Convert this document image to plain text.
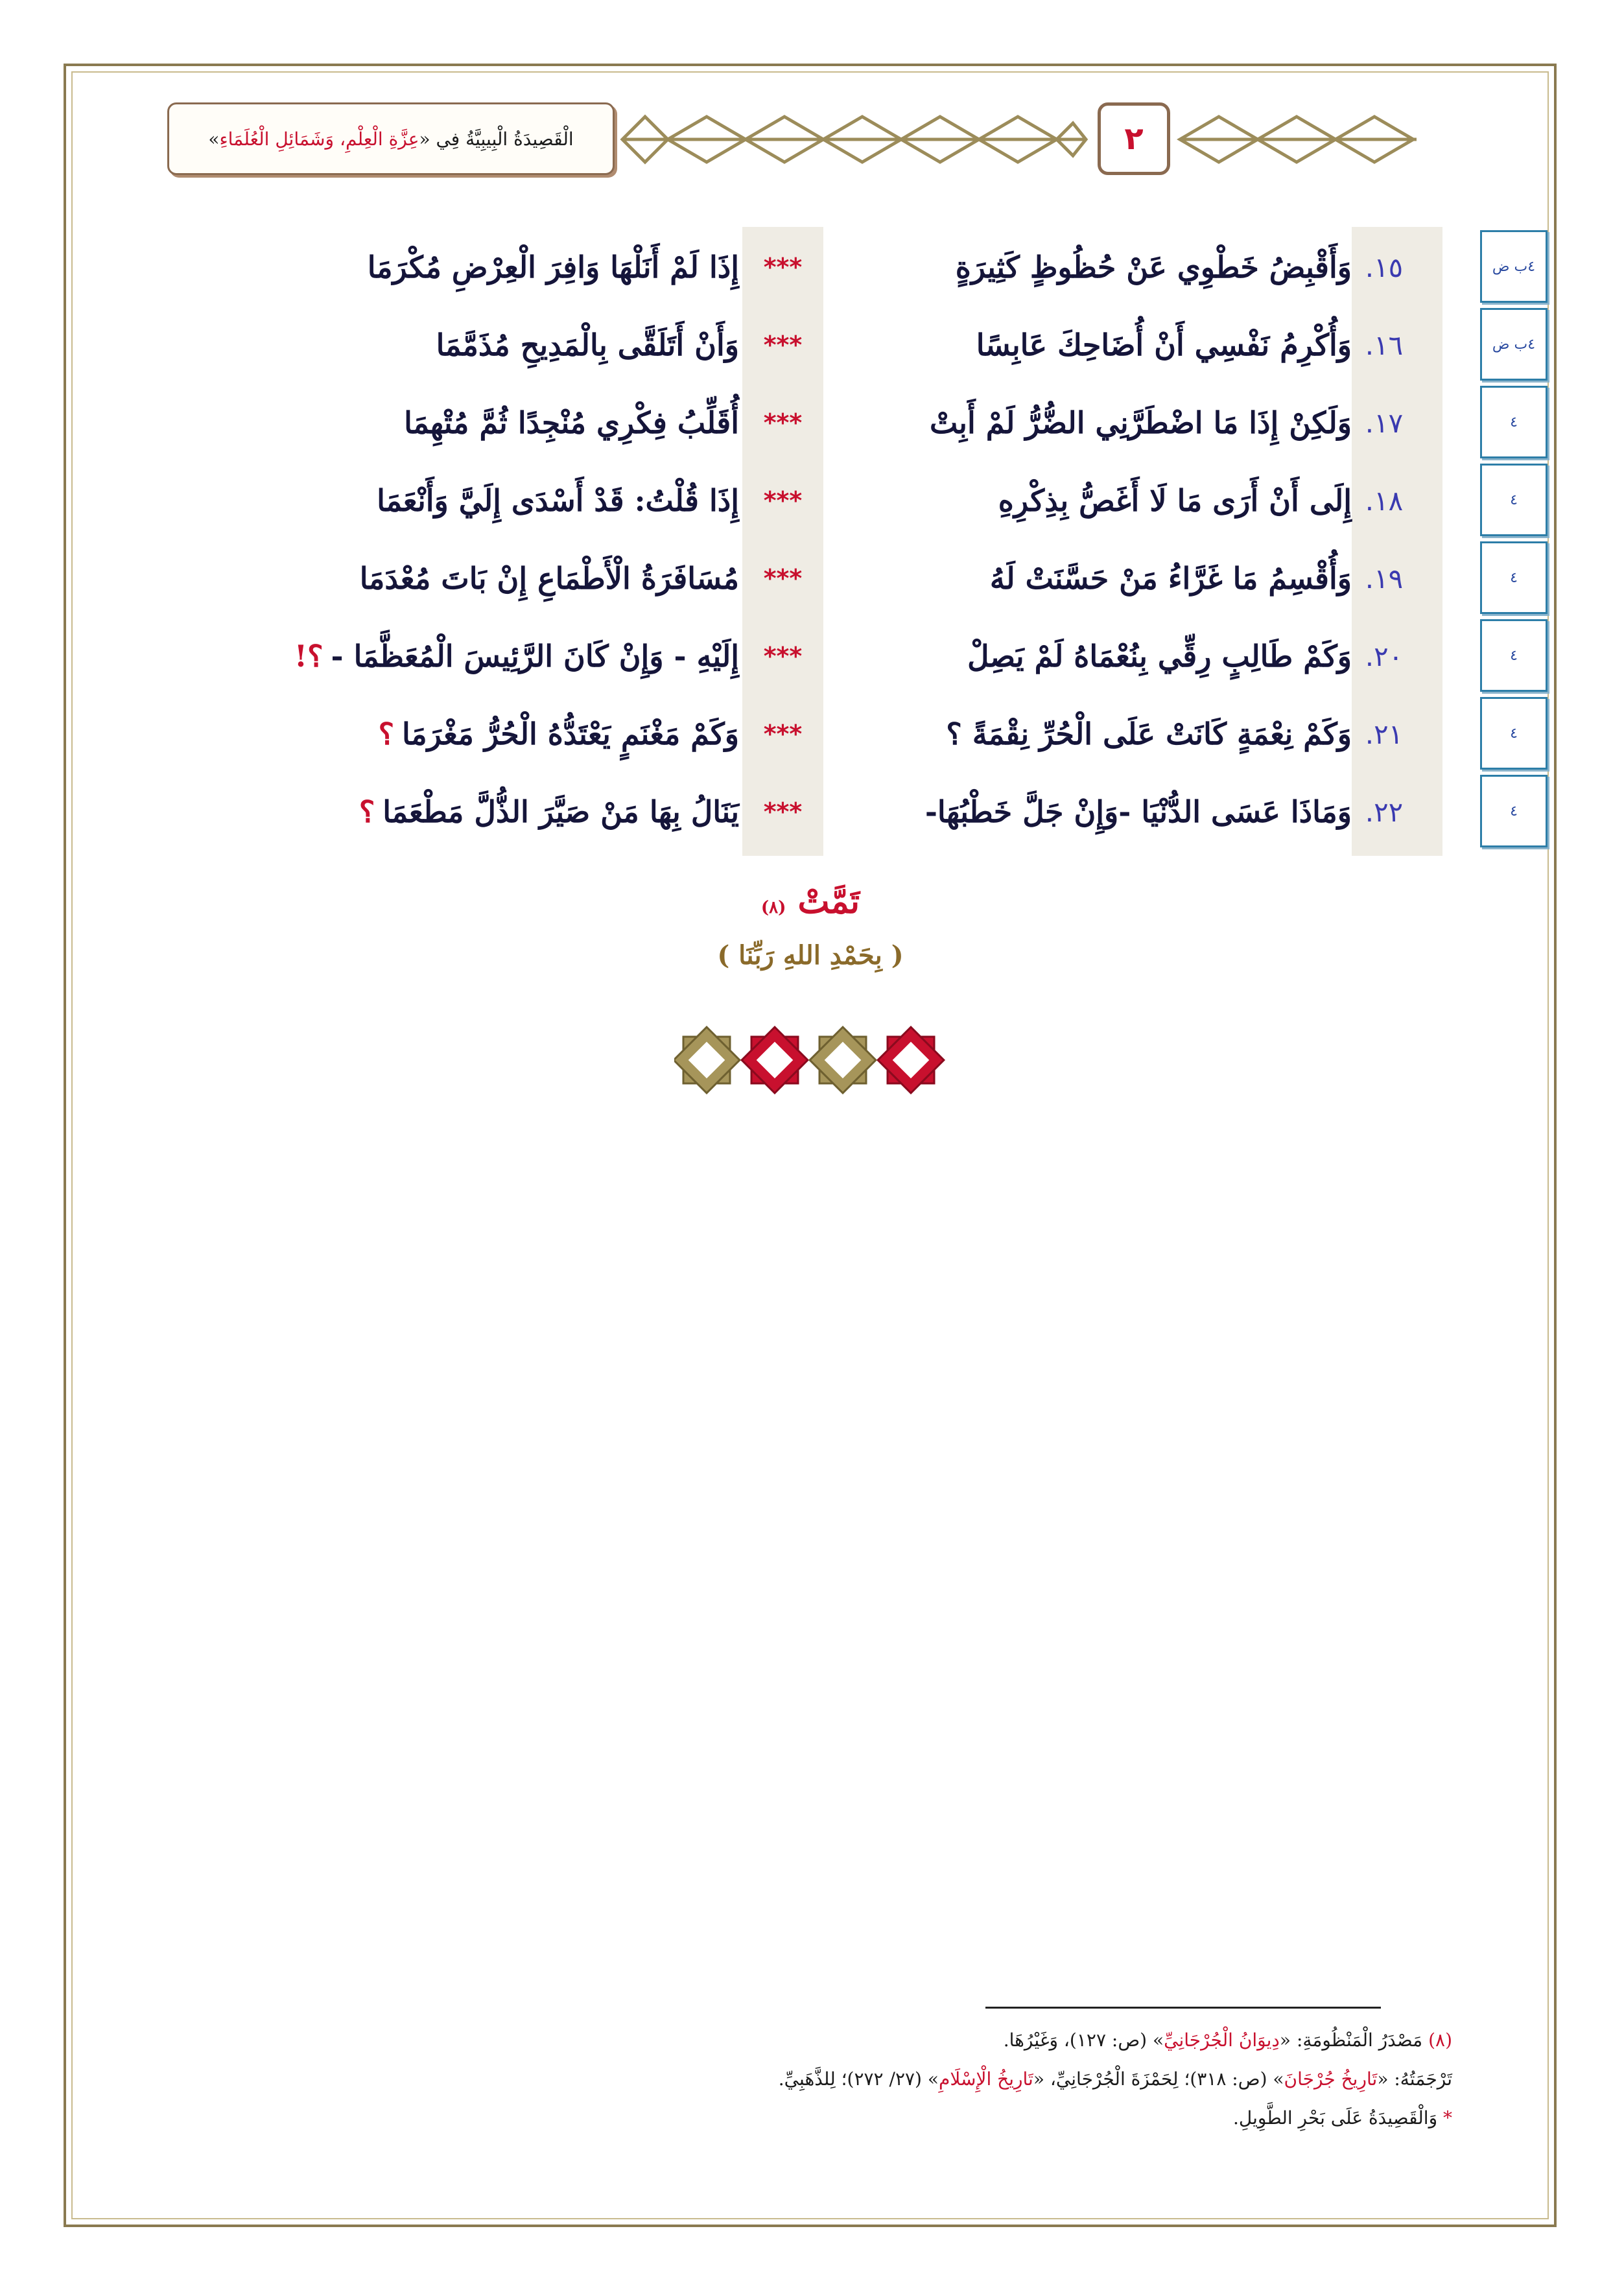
الْقَصِيدَةُ الْبِيبِيَّةُ فِي «
عِزَّةِ الْعِلْمِ، وَشَمَائِلِ الْعُلَمَاءِ
»	٢
١٥.
وَأَقْبِضُ خَطْوِي عَنْ حُظُوظٍ كَثِيرَةٍ
***
إِذَا لَمْ أَنَلْهَا وَافِرَ الْعِرْضِ مُكْرَمَا
١٦.
وَأُكْرِمُ نَفْسِي أَنْ أُضَاحِكَ عَابِسًا
***
وَأَنْ أَتَلَقَّى بِالْمَدِيحِ مُذَمَّمَا
١٧.
وَلَكِنْ إِذَا مَا اضْطَرَّنِي الضُّرُّ لَمْ أَبِتْ
***
أُقَلِّبُ فِكْرِي مُنْجِدًا ثُمَّ مُتْهِمَا
١٨.
إِلَى أَنْ أَرَى مَا لَا أَغَصُّ بِذِكْرِهِ
***
إِذَا قُلْتُ: قَدْ أَسْدَى إِلَيَّ وَأَنْعَمَا
١٩.
وَأُقْسِمُ مَا غَرَّاءُ مَنْ حَسَّنَتْ لَهُ
***
مُسَافَرَةُ الْأَطْمَاعِ إِنْ بَاتَ مُعْدَمَا
٢٠.
وَكَمْ طَالِبٍ رِقِّي بِنُعْمَاهُ لَمْ يَصِلْ
***
إِلَيْهِ - وَإِنْ كَانَ الرَّئِيسَ الْمُعَظَّمَا -
؟!
٢١.
وَكَمْ نِعْمَةٍ كَانَتْ عَلَى الْحُرِّ نِقْمَةً ؟
***
وَكَمْ مَغْنَمٍ يَعْتَدُّهُ الْحُرُّ مَغْرَمَا
؟
٢٢.
وَمَاذَا عَسَى الدُّنْيَا -وَإِنْ جَلَّ خَطْبُهَا-
***
يَنَالُ بِهَا مَنْ صَيَّرَ الذُّلَّ مَطْعَمَا
؟
٤ب ض
٤ب ض
٤
٤
٤
٤
٤
٤
تَمَّتْ (٨)
( بِحَمْدِ اللهِ رَبِّنَا )
(٨) مَصْدَرُ الْمَنْظُومَةِ: «دِيوَانُ الْجُرْجَانِيِّ» (ص: ١٢٧)، وَغَيْرُهَا.
تَرْجَمَتُهُ: «تَارِيخُ جُرْجَانَ» (ص: ٣١٨)؛ لِحَمْزَةَ الْجُرْجَانِيِّ، «تَارِيخُ الْإِسْلَامِ» (٢٧/ ٢٧٢)؛ لِلذَّهَبِيِّ.
* وَالْقَصِيدَةُ عَلَى بَحْرِ الطَّوِيلِ.
